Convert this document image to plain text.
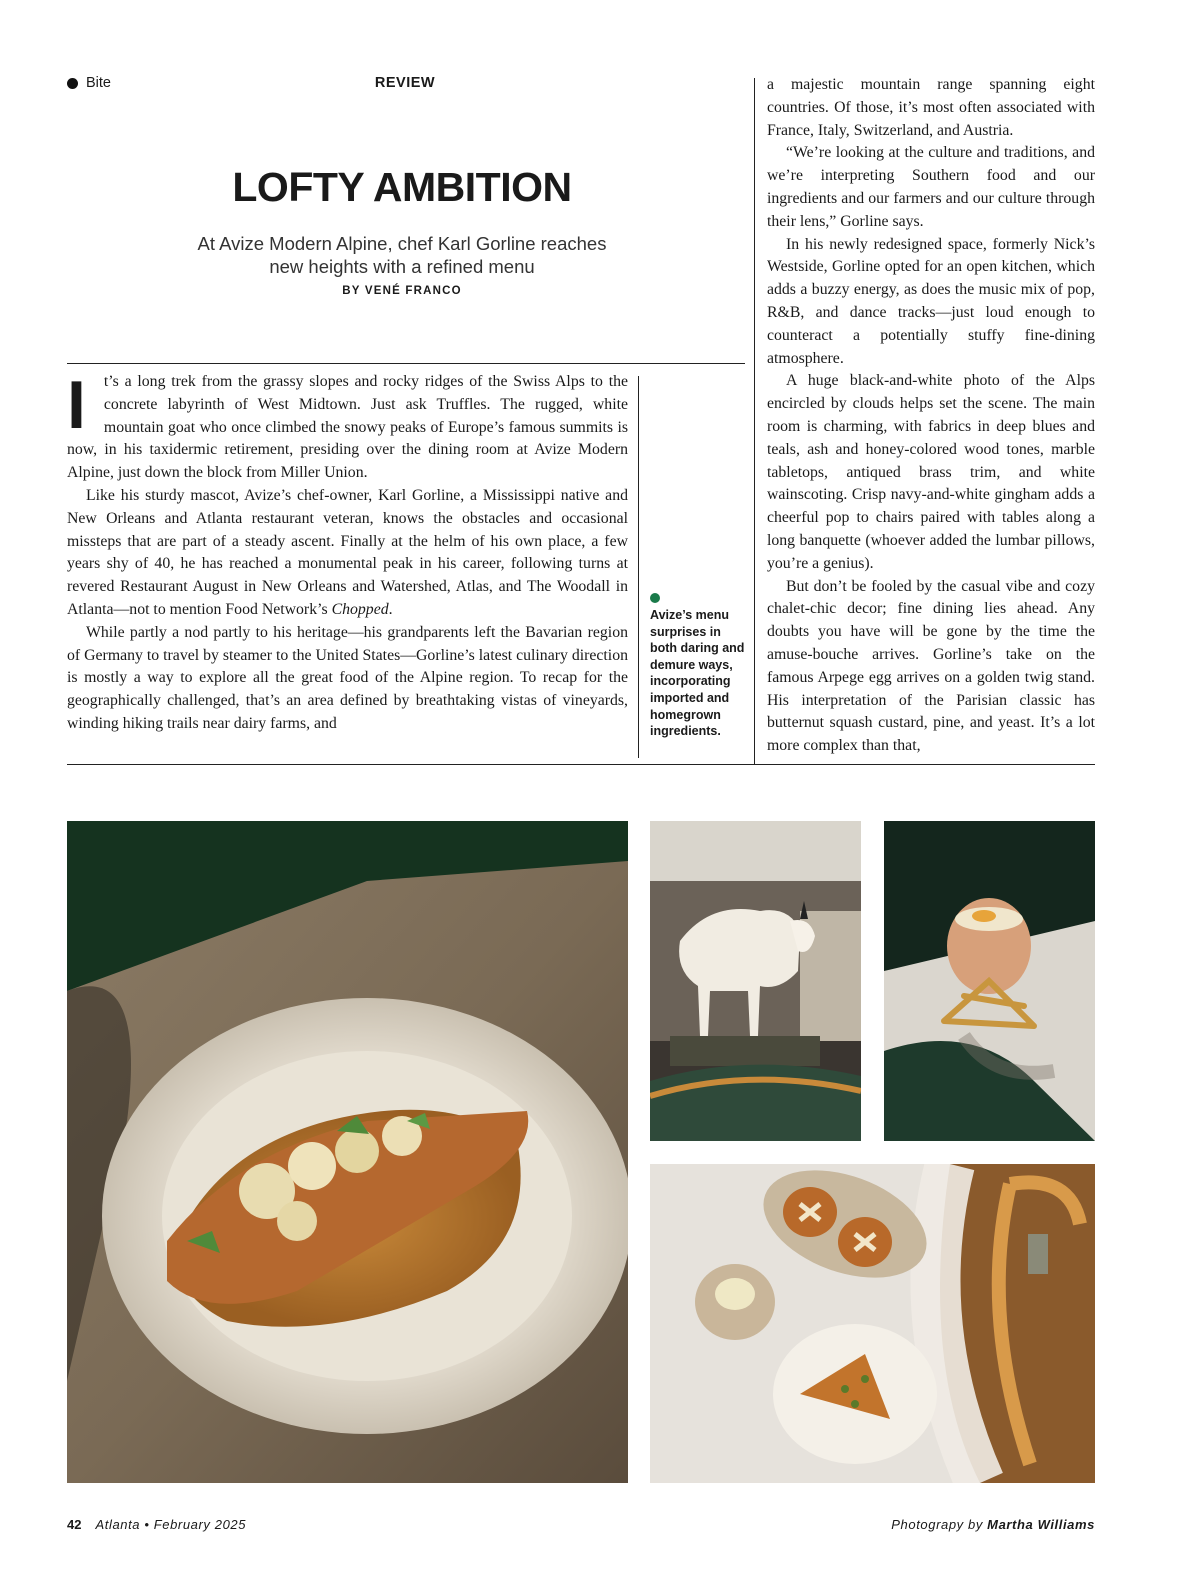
Bite	REVIEW
LOFTY AMBITION
At Avize Modern Alpine, chef Karl Gorline reaches
new heights with a refined menu
BY VENÉ FRANCO

I t’s a long trek from the grassy slopes and rocky ridges of the Swiss Alps to the concrete labyrinth of West Midtown. Just ask Truffles. The rugged, white mountain goat who once climbed the snowy peaks of Europe’s famous summits is now, in his taxidermic retirement, presiding over the dining room at Avize Modern Alpine, just down the block from Miller Union.

Like his sturdy mascot, Avize’s chef-owner, Karl Gorline, a Mississippi native and New Orleans and Atlanta restaurant veteran, knows the obstacles and occasional missteps that are part of a steady ascent. Finally at the helm of his own place, a few years shy of 40, he has reached a monumental peak in his career, following turns at revered Restaurant August in New Orleans and Watershed, Atlas, and The Woodall in Atlanta—not to mention Food Network’s Chopped.

While partly a nod partly to his heritage—his grandparents left the Bavarian region of Germany to travel by steamer to the United States—Gorline’s latest culinary direction is mostly a way to explore all the great food of the Alpine region. To recap for the geographically challenged, that’s an area defined by breathtaking vistas of vineyards, winding hiking trails near dairy farms, and

Avize’s menu surprises in both daring and demure ways, incorporating imported and homegrown ingredients.

a majestic mountain range spanning eight countries. Of those, it’s most often associated with France, Italy, Switzerland, and Austria.

“We’re looking at the culture and traditions, and we’re interpreting Southern food and our ingredients and our farmers and our culture through their lens,” Gorline says.

In his newly redesigned space, formerly Nick’s Westside, Gorline opted for an open kitchen, which adds a buzzy energy, as does the music mix of pop, R&B, and dance tracks—just loud enough to counteract a potentially stuffy fine-dining atmosphere.

A huge black-and-white photo of the Alps encircled by clouds helps set the scene. The main room is charming, with fabrics in deep blues and teals, ash and honey-colored wood tones, marble tabletops, antiqued brass trim, and white wainscoting. Crisp navy-and-white gingham adds a cheerful pop to chairs paired with tables along a long banquette (whoever added the lumbar pillows, you’re a genius).

But don’t be fooled by the casual vibe and cozy chalet-chic decor; fine dining lies ahead. Any doubts you have will be gone by the time the amuse-bouche arrives. Gorline’s take on the famous Arpege egg arrives on a golden twig stand. His interpretation of the Parisian classic has butternut squash custard, pine, and yeast. It’s a lot more complex than that,

42 Atlanta • February 2025	Photograpy by Martha Williams
